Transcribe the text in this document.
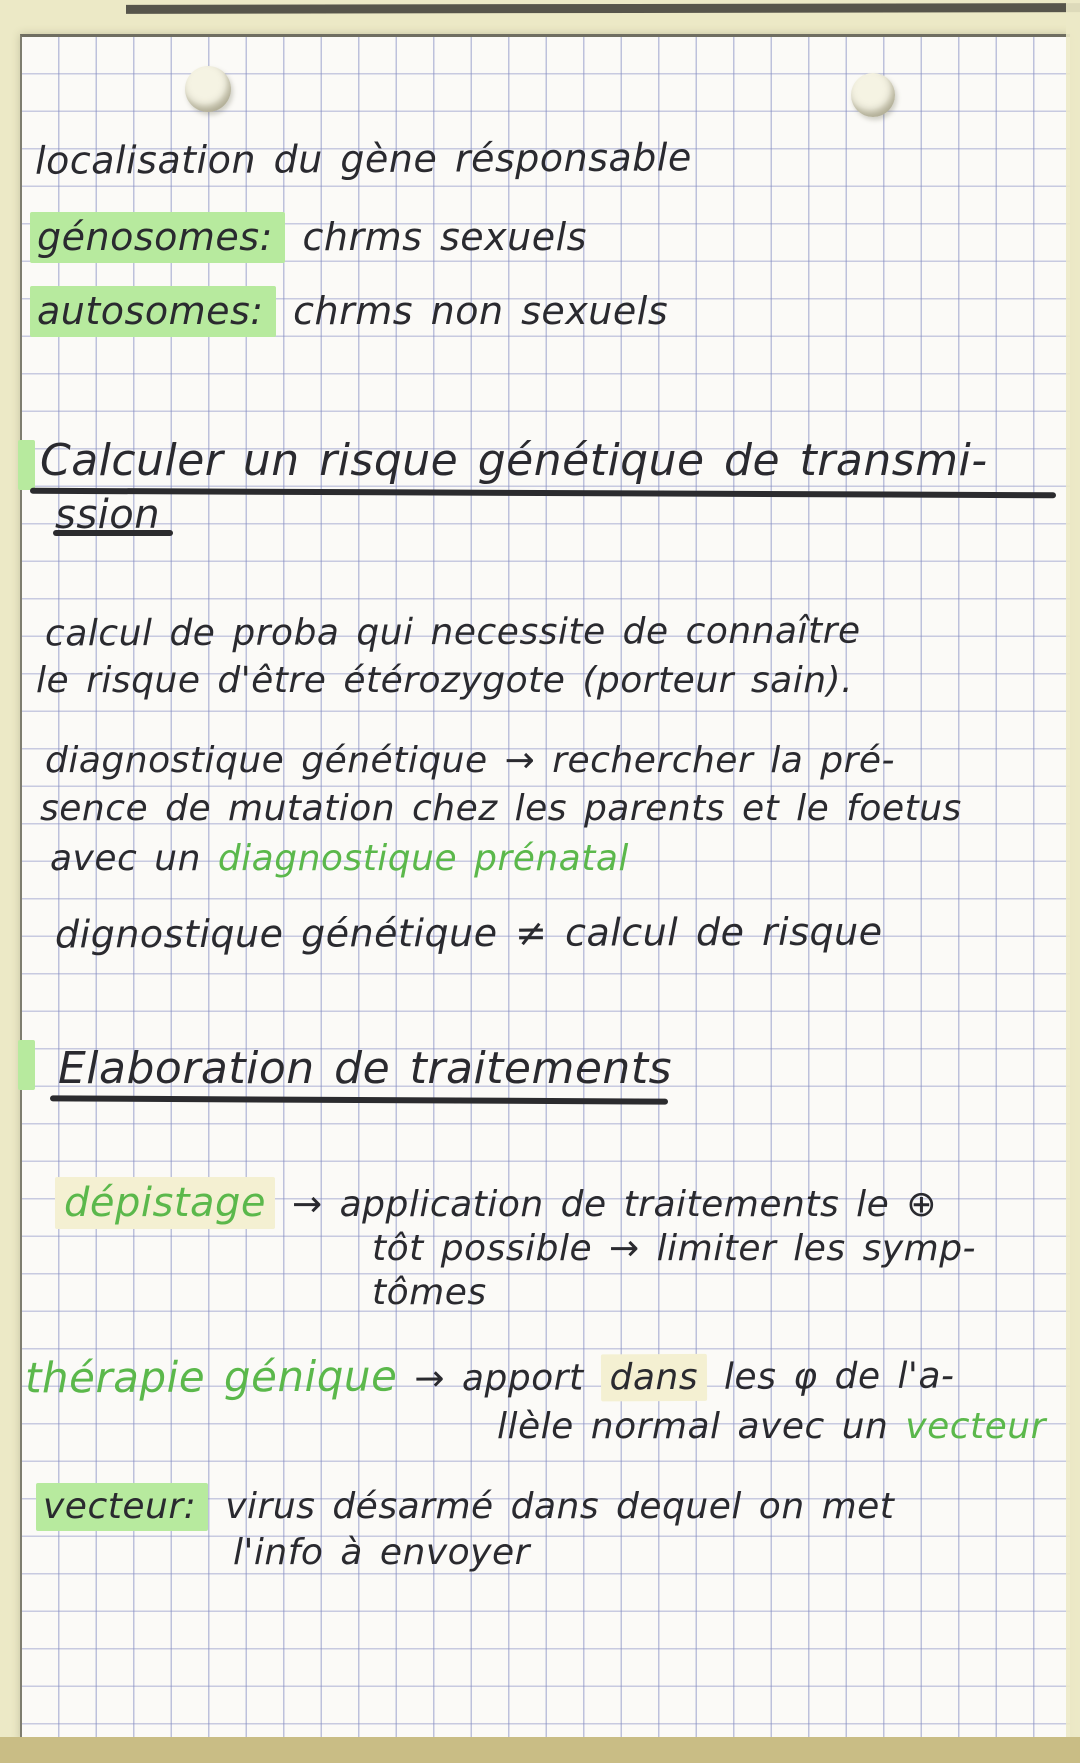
localisation du gène résponsable
génosomes: chrms sexuels
autosomes: chrms non sexuels
Calculer un risque génétique de transmi-
ssion
calcul de proba qui necessite de connaître
le risque d'être étérozygote (porteur sain).
diagnostique génétique → rechercher la pré-
sence de mutation chez les parents et le foetus
avec un diagnostique prénatal
dignostique génétique ≠ calcul de risque
Elaboration de traitements
dépistage → application de traitements le ⊕
tôt possible → limiter les symp-
tômes
thérapie génique → apport dans les φ de l'a-
llèle normal avec un vecteur
vecteur: virus désarmé dans dequel on met
l'info à envoyer
